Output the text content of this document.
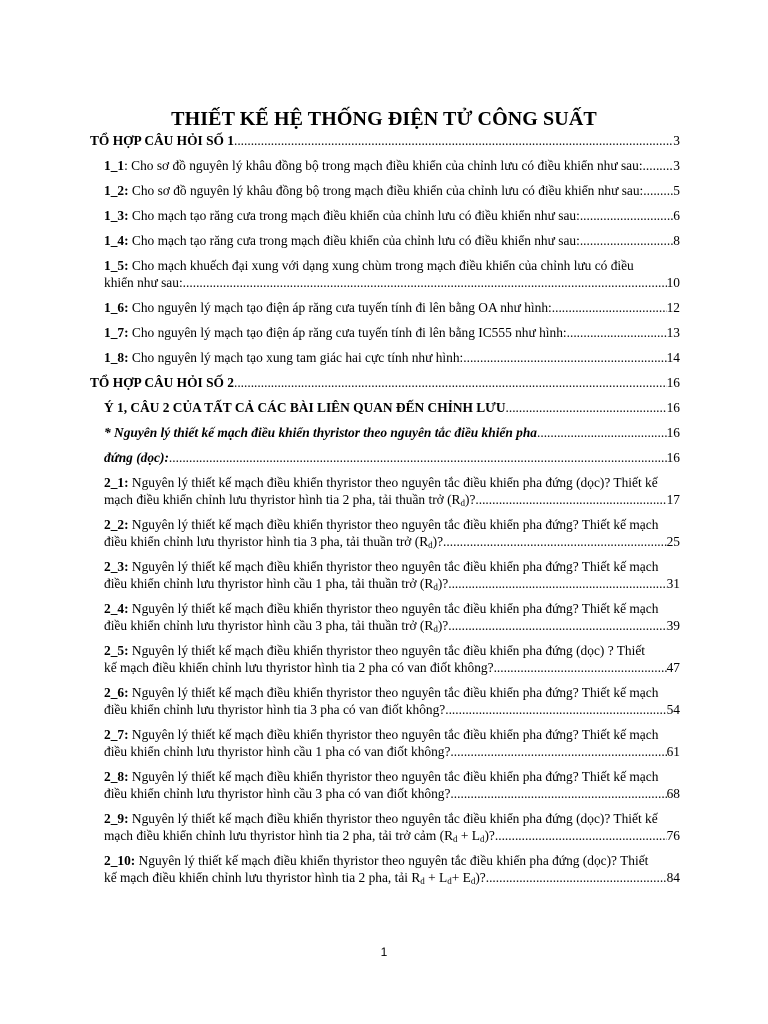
THIẾT KẾ HỆ THỐNG ĐIỆN TỬ CÔNG SUẤT
TỔ HỢP CÂU HỎI SỐ 1 .....	3
1_1: Cho sơ đồ nguyên lý khâu đồng bộ trong mạch điều khiển của chỉnh lưu có điều khiển như sau: ..... 3
1_2: Cho sơ đồ nguyên lý khâu đồng bộ trong mạch điều khiển của chỉnh lưu có điều khiển như sau: ..... 5
1_3: Cho mạch tạo răng cưa trong mạch điều khiển của chỉnh lưu có điều khiển như sau: .....	6
1_4: Cho mạch tạo răng cưa trong mạch điều khiển của chỉnh lưu có điều khiển như sau: .....	8
1_5: Cho mạch khuếch đại xung với dạng xung chùm trong mạch điều khiển của chỉnh lưu có điều
khiển như sau: .....	10
1_6: Cho nguyên lý mạch tạo điện áp răng cưa tuyến tính đi lên bằng OA như hình: .....	12
1_7: Cho nguyên lý mạch tạo điện áp răng cưa tuyến tính đi lên bằng IC555 như hình: .....	13
1_8: Cho nguyên lý mạch tạo xung tam giác hai cực tính như hình: .....	14
TỔ HỢP CÂU HỎI SỐ 2 .....	16
Ý 1, CÂU 2 CỦA TẤT CẢ CÁC BÀI LIÊN QUAN ĐẾN CHỈNH LƯU .....	16
* Nguyên lý thiết kế mạch điều khiển thyristor theo nguyên tắc điều khiển pha .....	16
đứng (dọc): .....	16
2_1: Nguyên lý thiết kế mạch điều khiển thyristor theo nguyên tắc điều khiển pha đứng (dọc)? Thiết kế
mạch điều khiển chỉnh lưu thyristor hình tia 2 pha, tải thuần trở $(R_d)$? .....	17
2_2: Nguyên lý thiết kế mạch điều khiển thyristor theo nguyên tắc điều khiển pha đứng? Thiết kế mạch
điều khiển chỉnh lưu thyristor hình tia 3 pha, tải thuần trở $(R_d)$? .....	25
2_3: Nguyên lý thiết kế mạch điều khiển thyristor theo nguyên tắc điều khiển pha đứng? Thiết kế mạch
điều khiển chỉnh lưu thyristor hình cầu 1 pha, tải thuần trở $(R_d)$? .....	31
2_4: Nguyên lý thiết kế mạch điều khiển thyristor theo nguyên tắc điều khiển pha đứng? Thiết kế mạch
điều khiển chỉnh lưu thyristor hình cầu 3 pha, tải thuần trở $(R_d)$? .....	39
2_5: Nguyên lý thiết kế mạch điều khiển thyristor theo nguyên tắc điều khiển pha đứng (dọc) ? Thiết
kế mạch điều khiển chỉnh lưu thyristor hình tia 2 pha có van điốt không? .....	47
2_6: Nguyên lý thiết kế mạch điều khiển thyristor theo nguyên tắc điều khiển pha đứng? Thiết kế mạch
điều khiển chỉnh lưu thyristor hình tia 3 pha có van điốt không? .....	54
2_7: Nguyên lý thiết kế mạch điều khiển thyristor theo nguyên tắc điều khiển pha đứng? Thiết kế mạch
điều khiển chỉnh lưu thyristor hình cầu 1 pha có van điốt không? .....	61
2_8: Nguyên lý thiết kế mạch điều khiển thyristor theo nguyên tắc điều khiển pha đứng? Thiết kế mạch
điều khiển chỉnh lưu thyristor hình cầu 3 pha có van điốt không? .....	68
2_9: Nguyên lý thiết kế mạch điều khiển thyristor theo nguyên tắc điều khiển pha đứng (dọc)? Thiết kế
mạch điều khiển chỉnh lưu thyristor hình tia 2 pha, tải trở cảm $(R_d + L_d)$? .....	76
2_10: Nguyên lý thiết kế mạch điều khiển thyristor theo nguyên tắc điều khiển pha đứng (dọc)? Thiết
kế mạch điều khiển chỉnh lưu thyristor hình tia 2 pha, tải $R_d + L_d+ E_d$)? .....	84
1
